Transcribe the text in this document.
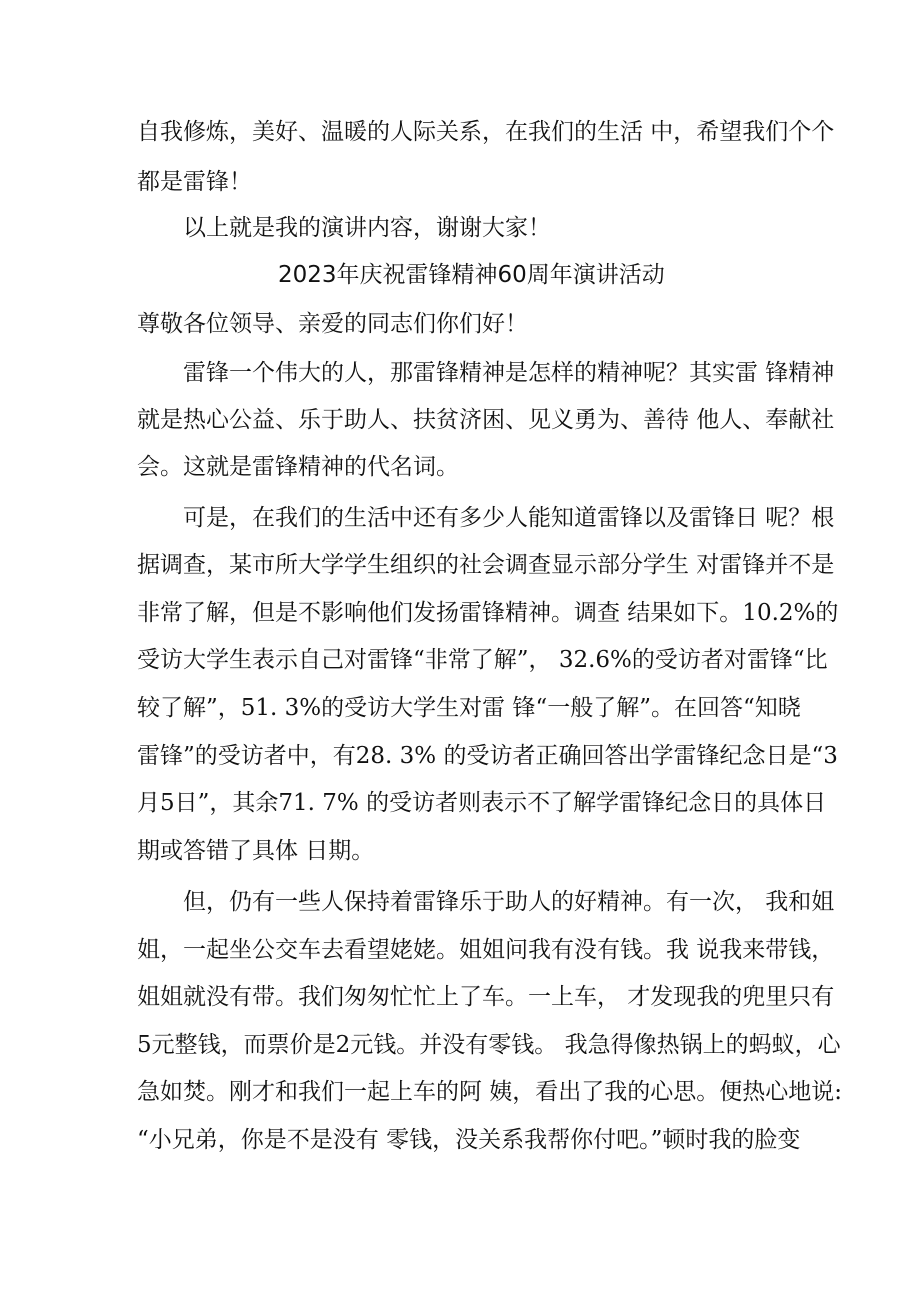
自我修炼，美好、温暖的人际关系，在我们的生活 中，希望我们个个
都是雷锋！
以上就是我的演讲内容，谢谢大家！
2023年庆祝雷锋精神60周年演讲活动
尊敬各位领导、亲爱的同志们你们好！
雷锋一个伟大的人，那雷锋精神是怎样的精神呢？其实雷 锋精神
就是热心公益、乐于助人、扶贫济困、见义勇为、善待 他人、奉献社
会。这就是雷锋精神的代名词。
可是，在我们的生活中还有多少人能知道雷锋以及雷锋日 呢？根
据调查，某市所大学学生组织的社会调查显示部分学生 对雷锋并不是
非常了解，但是不影响他们发扬雷锋精神。调查 结果如下。10.2%的
受访大学生表示自己对雷锋“非常了解”， 32.6%的受访者对雷锋“比
较了解”，51. 3%的受访大学生对雷 锋“一般了解”。在回答“知晓
雷锋”的受访者中，有28. 3% 的受访者正确回答出学雷锋纪念日是“3
月5日”，其余71. 7% 的受访者则表示不了解学雷锋纪念日的具体日
期或答错了具体 日期。
但，仍有一些人保持着雷锋乐于助人的好精神。有一次， 我和姐
姐，一起坐公交车去看望姥姥。姐姐问我有没有钱。我 说我来带钱，
姐姐就没有带。我们匆匆忙忙上了车。一上车， 才发现我的兜里只有
5元整钱，而票价是2元钱。并没有零钱。 我急得像热锅上的蚂蚁，心
急如焚。刚才和我们一起上车的阿 姨，看出了我的心思。便热心地说:
“小兄弟，你是不是没有 零钱，没关系我帮你付吧。”顿时我的脸变
